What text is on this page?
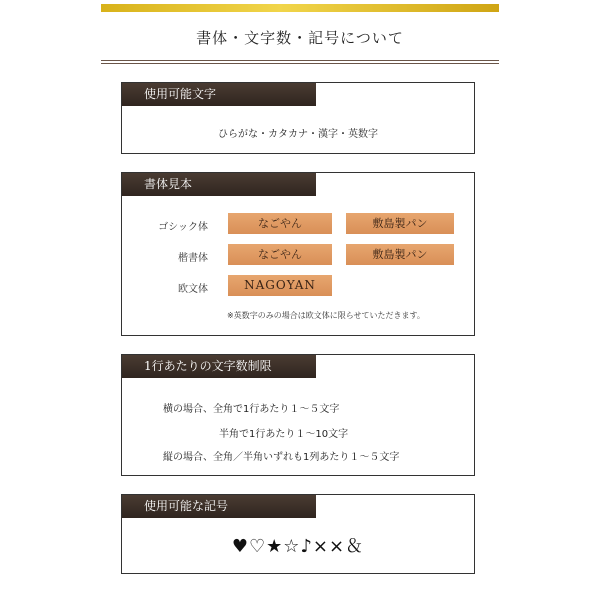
書体・文字数・記号について
使用可能文字
ひらがな・カタカナ・漢字・英数字
書体見本
ゴシック体	なごやん	敷島製パン
楷書体	なごやん	敷島製パン
欧文体	NAGOYAN
※英数字のみの場合は欧文体に限らせていただきます。
1行あたりの文字数制限
横の場合、全角で1行あたり１～５文字
半角で1行あたり１～10文字
縦の場合、全角／半角いずれも1列あたり１～５文字
使用可能な記号
♥♡★☆♪××＆
